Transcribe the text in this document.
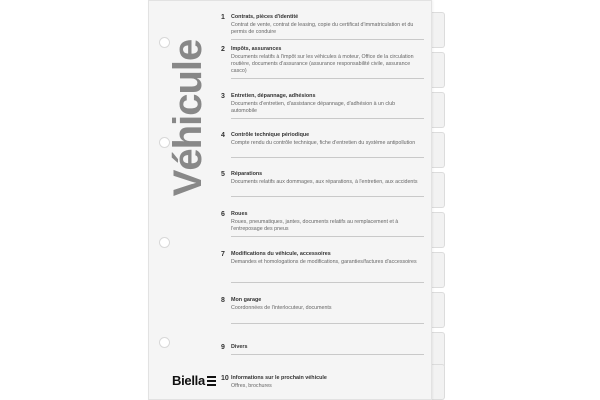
Véhicule
Biella
1 Contrats, pièces d'identité
Contrat de vente, contrat de leasing, copie du certificat d'immatriculation et du permis de conduire
2 Impôts, assurances
Documents relatifs à l'impôt sur les véhicules à moteur, Office de la circulation routière, documents d'assurance (assurance responsabilité civile, assurance casco)
3 Entretien, dépannage, adhésions
Documents d'entretien, d'assistance dépannage, d'adhésion à un club automobile
4 Contrôle technique périodique
Compte rendu du contrôle technique, fiche d'entretien du système antipollution
5 Réparations
Documents relatifs aux dommages, aux réparations, à l'entretien, aux accidents
6 Roues
Roues, pneumatiques, jantes, documents relatifs au remplacement et à l'entreposage des pneus
7 Modifications du véhicule, accessoires
Demandes et homologations de modifications, garanties/factures d'accessoires
8 Mon garage
Coordonnées de l'interlocuteur, documents
9 Divers
10 Informations sur le prochain véhicule
Offres, brochures
